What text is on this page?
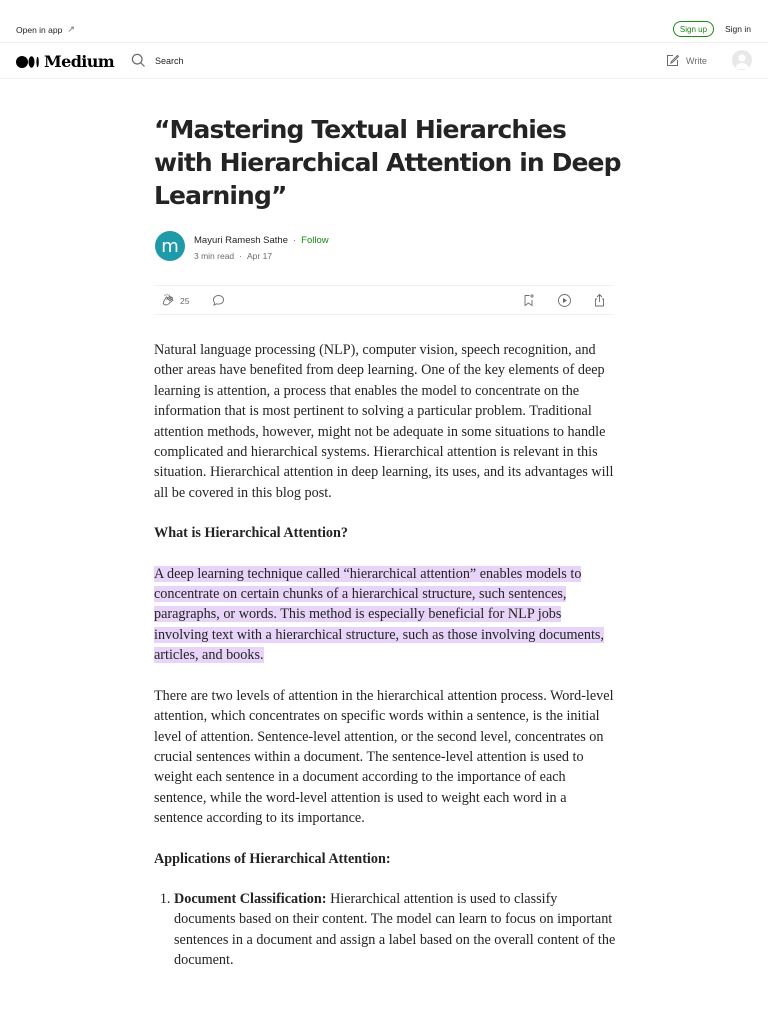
Open in app ↗	Sign up	Sign in
Medium
Search	Write
“Mastering Textual Hierarchies with Hierarchical Attention in Deep Learning”
m	Mayuri Ramesh Sathe · Follow
3 min read · Apr 17
25

Natural language processing (NLP), computer vision, speech recognition, and other areas have benefited from deep learning. One of the key elements of deep learning is attention, a process that enables the model to concentrate on the information that is most pertinent to solving a particular problem. Traditional attention methods, however, might not be adequate in some situations to handle complicated and hierarchical systems. Hierarchical attention is relevant in this situation. Hierarchical attention in deep learning, its uses, and its advantages will all be covered in this blog post.

What is Hierarchical Attention?

A deep learning technique called “hierarchical attention” enables models to concentrate on certain chunks of a hierarchical structure, such sentences, paragraphs, or words. This method is especially beneficial for NLP jobs involving text with a hierarchical structure, such as those involving documents, articles, and books.

There are two levels of attention in the hierarchical attention process. Word-level attention, which concentrates on specific words within a sentence, is the initial level of attention. Sentence-level attention, or the second level, concentrates on crucial sentences within a document. The sentence-level attention is used to weight each sentence in a document according to the importance of each sentence, while the word-level attention is used to weight each word in a sentence according to its importance.

Applications of Hierarchical Attention:

1. Document Classification: Hierarchical attention is used to classify documents based on their content. The model can learn to focus on important sentences in a document and assign a label based on the overall content of the document.
